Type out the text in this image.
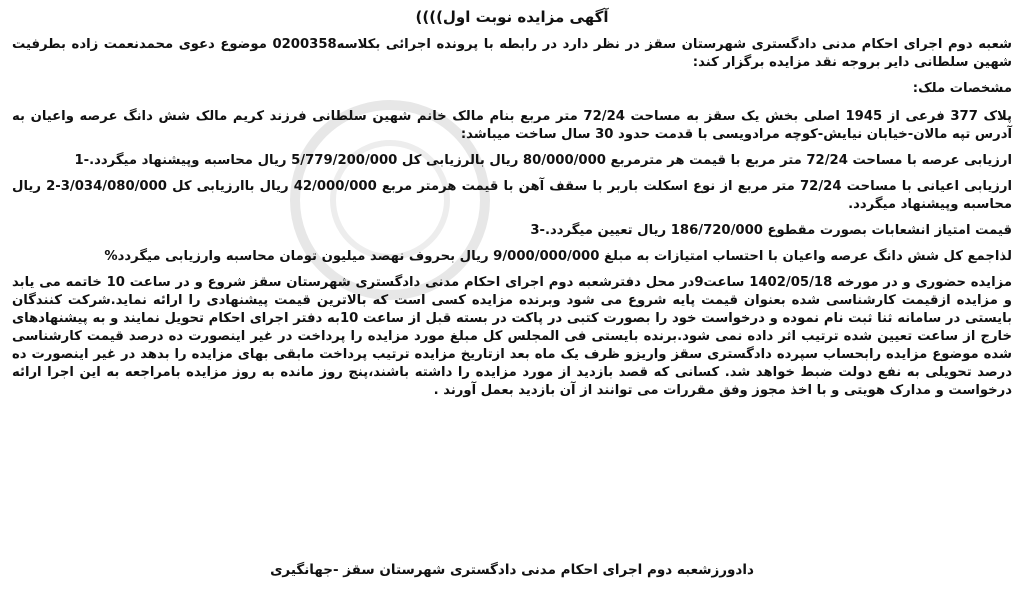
آگهی مزایده نوبت اول))))

شعبه دوم اجرای احکام مدنی دادگستری شهرستان سقز در نظر دارد در رابطه با پرونده اجرائی بکلاسه0200358 موضوع دعوی محمدنعمت زاده بطرفیت شهین سلطانی دایر بروجه نقد مزایده برگزار کند:

مشخصات ملک:

پلاک 377 فرعی از 1945 اصلی بخش یک سقز به مساحت 72/24 متر مربع بنام مالک خانم شهین سلطانی فرزند کریم مالک شش دانگ عرصه واعیان به آدرس تپه مالان-خیابان نیایش-کوچه مرادویسی با قدمت حدود 30 سال ساخت میباشد:

ارزیابی عرصه با مساحت 72/24 متر مربع با قیمت هر مترمربع 80/000/000 ریال بالرزیابی کل 5/779/200/000 ریال محاسبه وپیشنهاد میگردد.-1

ارزیابی اعیانی با مساحت 72/24 متر مربع از نوع اسکلت باربر با سقف آهن با قیمت هرمتر مربع 42/000/000 ریال باارزیابی کل 3/034/080/000-2 ریال محاسبه وپیشنهاد میگردد.

قیمت امتیاز انشعابات بصورت مقطوع 186/720/000 ریال تعیین میگردد.-3

لذاجمع کل شش دانگ عرصه واعیان با احتساب امتیازات به مبلغ 9/000/000/000 ریال بحروف نهصد میلیون تومان محاسبه وارزیابی میگردد%

مزایده حضوری و در مورخه 1402/05/18 ساعت9در محل دفترشعبه دوم اجرای احکام مدنی دادگستری شهرستان سقز شروع و در ساعت 10 خاتمه می یابد و مزایده ازقیمت کارشناسی شده بعنوان قیمت پایه شروع می شود وبرنده مزایده کسی است که بالاترین قیمت پیشنهادی را ارائه نماید.شرکت کنندگان بایستی در سامانه ثنا ثبت نام نموده و درخواست خود را بصورت کتبی در پاکت در بسته قبل از ساعت 10به دفتر اجرای احکام تحویل نمایند و به پیشنهادهای خارج از ساعت تعیین شده ترتیب اثر داده نمی شود.برنده بایستی فی المجلس کل مبلغ مورد مزایده را پرداخت در غیر اینصورت ده درصد قیمت کارشناسی شده موضوع مزایده رابحساب سپرده دادگستری سقز واریزو ظرف یک ماه بعد ازتاریخ مزایده ترتیب پرداخت مابقی بهای مزایده را بدهد در غیر اینصورت ده درصد تحویلی به نفع دولت ضبط خواهد شد. کسانی که قصد بازدید از مورد مزایده را داشته باشند،پنج روز مانده به روز مزایده بامراجعه به این اجرا ارائه درخواست و مدارک هویتی و با اخذ مجوز وفق مقررات می توانند از آن بازدید بعمل آورند .

دادورزشعبه دوم اجرای احکام مدنی دادگستری شهرستان سقز -جهانگیری
